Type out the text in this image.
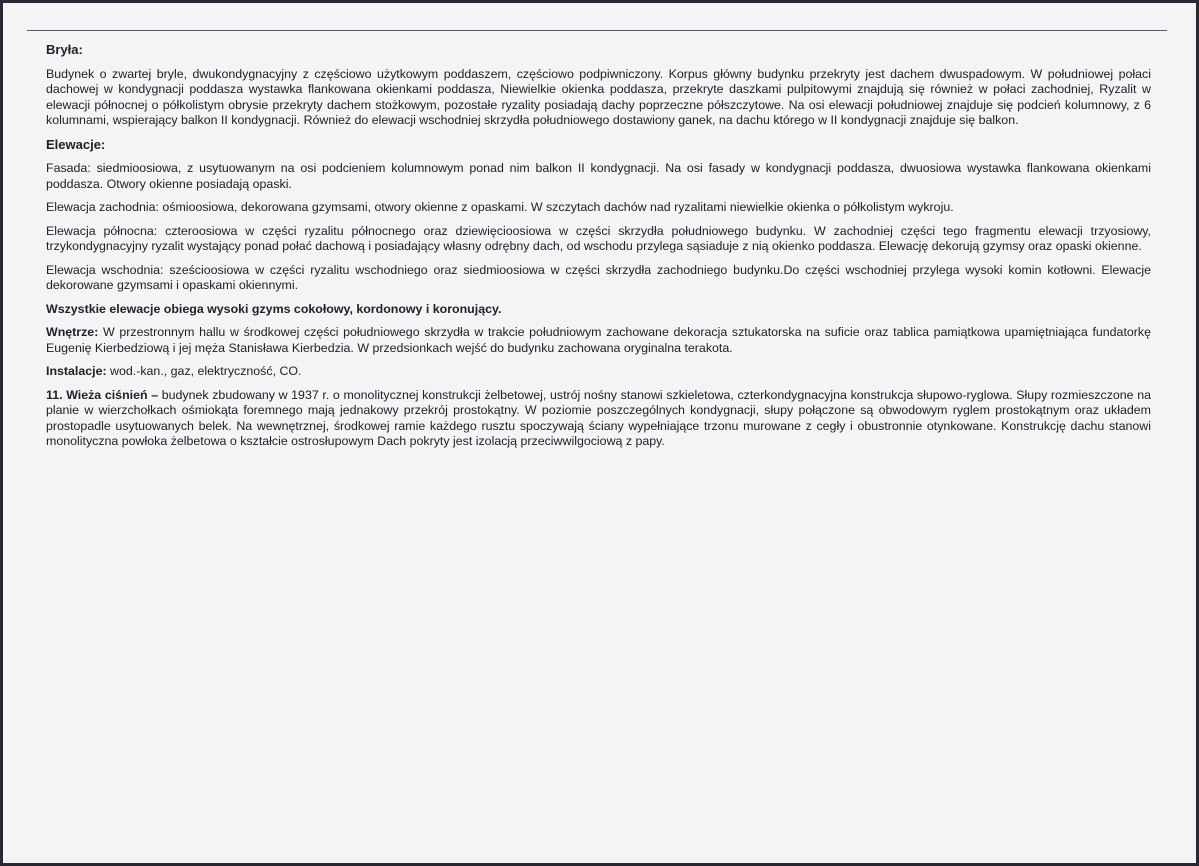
Bryła:

Budynek o zwartej bryle, dwukondygnacyjny z częściowo użytkowym poddaszem, częściowo podpiwniczony. Korpus główny budynku przekryty jest dachem dwuspadowym. W południowej połaci dachowej w kondygnacji poddasza wystawka flankowana okienkami poddasza, Niewielkie okienka poddasza, przekryte daszkami pulpitowymi znajdują się również w połaci zachodniej, Ryzalit w elewacji północnej o półkolistym obrysie przekryty dachem stożkowym, pozostałe ryzality posiadają dachy poprzeczne półszczytowe. Na osi elewacji południowej znajduje się podcień kolumnowy, z 6 kolumnami, wspierający balkon II kondygnacji. Również do elewacji wschodniej skrzydła południowego dostawiony ganek, na dachu którego w II kondygnacji znajduje się balkon.

Elewacje:

Fasada: siedmioosiowa, z usytuowanym na osi podcieniem kolumnowym ponad nim balkon II kondygnacji. Na osi fasady w kondygnacji poddasza, dwuosiowa wystawka flankowana okienkami poddasza. Otwory okienne posiadają opaski.

Elewacja zachodnia: ośmioosiowa, dekorowana gzymsami, otwory okienne z opaskami. W szczytach dachów nad ryzalitami niewielkie okienka o półkolistym wykroju.

Elewacja północna: czteroosiowa w części ryzalitu północnego oraz dziewięcioosiowa w części skrzydła południowego budynku. W zachodniej części tego fragmentu elewacji trzyosiowy, trzykondygnacyjny ryzalit wystający ponad połać dachową i posiadający własny odrębny dach, od wschodu przylega sąsiaduje z nią okienko poddasza. Elewację dekorują gzymsy oraz opaski okienne.

Elewacja wschodnia: sześcioosiowa w części ryzalitu wschodniego oraz siedmioosiowa w części skrzydła zachodniego budynku.Do części wschodniej przylega wysoki komin kotłowni. Elewacje dekorowane gzymsami i opaskami okiennymi.

Wszystkie elewacje obiega wysoki gzyms cokołowy, kordonowy i koronujący.

Wnętrze: W przestronnym hallu w środkowej części południowego skrzydła w trakcie południowym zachowane dekoracja sztukatorska na suficie oraz tablica pamiątkowa upamiętniająca fundatorkę Eugenię Kierbedziową i jej męża Stanisława Kierbedzia. W przedsionkach wejść do budynku zachowana oryginalna terakota.

Instalacje: wod.-kan., gaz, elektryczność, CO.

11. Wieża ciśnień – budynek zbudowany w 1937 r. o monolitycznej konstrukcji żelbetowej, ustrój nośny stanowi szkieletowa, czterkondygnacyjna konstrukcja słupowo-ryglowa. Słupy rozmieszczone na planie w wierzchołkach ośmiokąta foremnego mają jednakowy przekrój prostokątny. W poziomie poszczególnych kondygnacji, słupy połączone są obwodowym ryglem prostokątnym oraz układem prostopadle usytuowanych belek. Na wewnętrznej, środkowej ramie każdego rusztu spoczywają ściany wypełniające trzonu murowane z cegły i obustronnie otynkowane. Konstrukcję dachu stanowi monolityczna powłoka żelbetowa o kształcie ostrosłupowym Dach pokryty jest izolacją przeciwwilgociową z papy.
